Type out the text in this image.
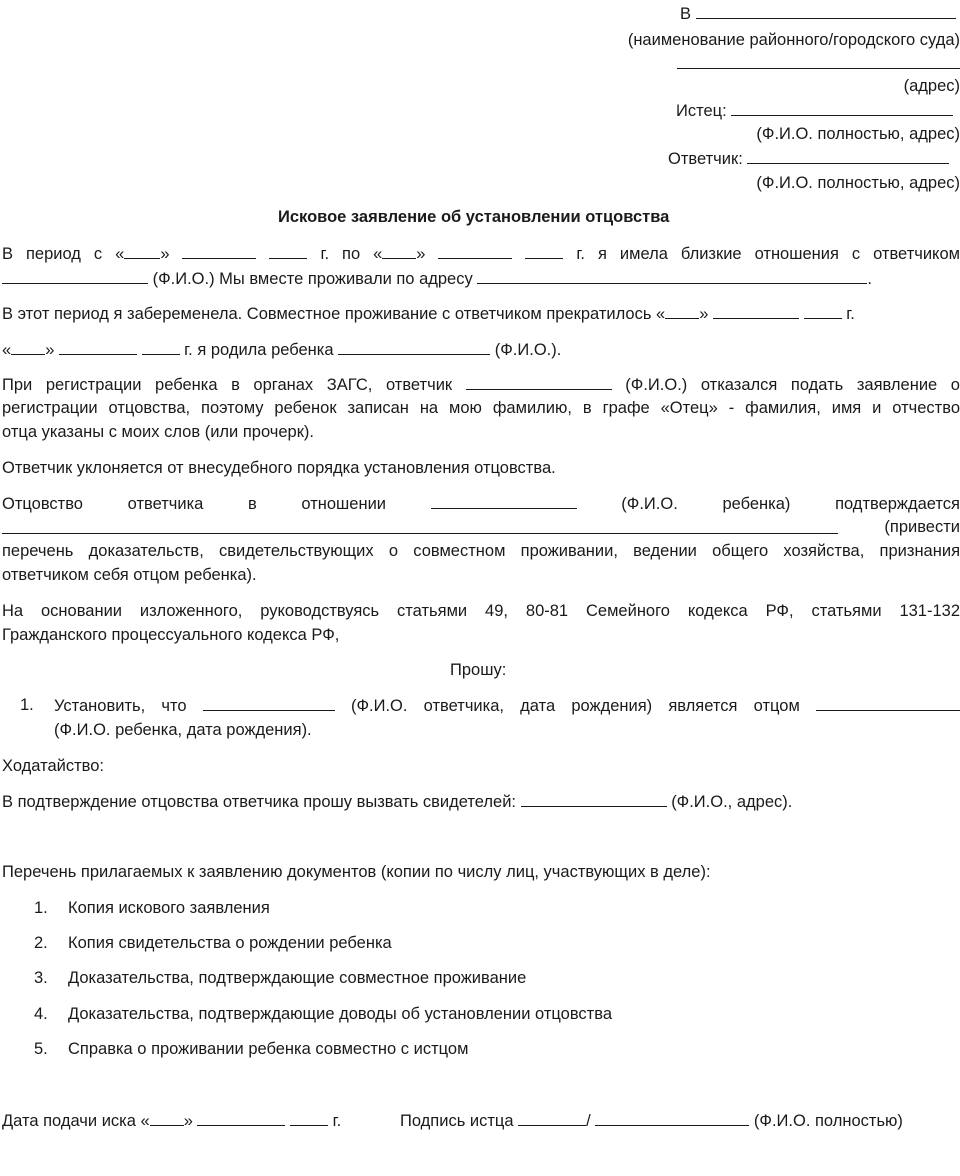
В
(наименование районного/городского суда)
(адрес)
Истец:
(Ф.И.О. полностью, адрес)
Ответчик:
(Ф.И.О. полностью, адрес)
Исковое заявление об установлении отцовства
В период с « »	г. по « »	г. я имела близкие отношения с ответчиком
(Ф.И.О.) Мы вместе проживали по адресу	.
В этот период я забеременела. Совместное проживание с ответчиком прекратилось « »	г.
« »	г. я родила ребенка	(Ф.И.О.).
При регистрации ребенка в органах ЗАГС, ответчик	(Ф.И.О.) отказался подать заявление о
регистрации отцовства, поэтому ребенок записан на мою фамилию, в графе «Отец» - фамилия, имя и отчество
отца указаны с моих слов (или прочерк).
Ответчик уклоняется от внесудебного порядка установления отцовства.
Отцовство	ответчика	в	отношении	(Ф.И.О.	ребенка)	подтверждается
(привести
перечень доказательств, свидетельствующих о совместном проживании, ведении общего хозяйства, признания
ответчиком себя отцом ребенка).
На основании изложенного, руководствуясь статьями 49, 80-81 Семейного кодекса РФ, статьями 131-132
Гражданского процессуального кодекса РФ,
Прошу:
1. Установить, что	(Ф.И.О. ответчика, дата рождения) является отцом
(Ф.И.О. ребенка, дата рождения).
Ходатайство:
В подтверждение отцовства ответчика прошу вызвать свидетелей:	(Ф.И.О., адрес).
Перечень прилагаемых к заявлению документов (копии по числу лиц, участвующих в деле):
1. Копия искового заявления
2. Копия свидетельства о рождении ребенка
3. Доказательства, подтверждающие совместное проживание
4. Доказательства, подтверждающие доводы об установлении отцовства
5. Справка о проживании ребенка совместно с истцом
Дата подачи иска « »	г.	Подпись истца	/	(Ф.И.О. полностью)
